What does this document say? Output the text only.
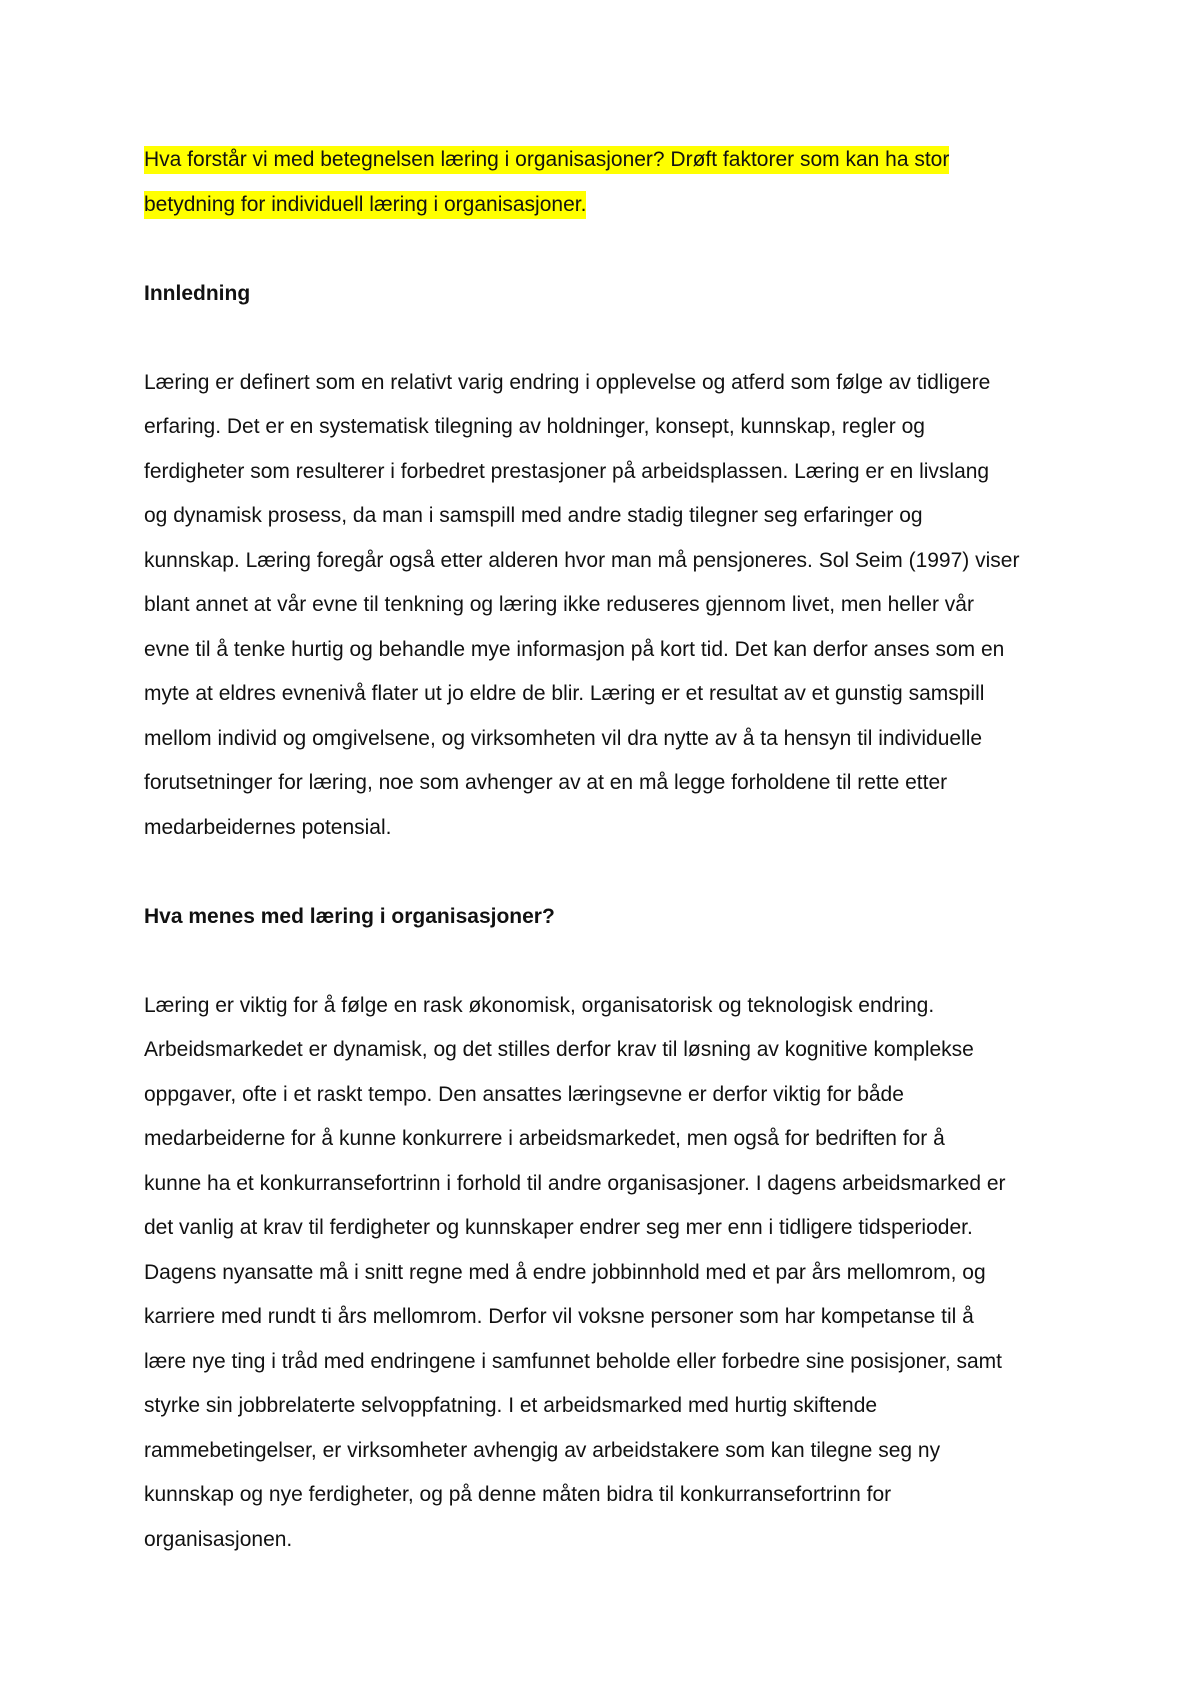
Hva forstår vi med betegnelsen læring i organisasjoner? Drøft faktorer som kan ha stor
betydning for individuell læring i organisasjoner.
Innledning
Læring er definert som en relativt varig endring i opplevelse og atferd som følge av tidligere
erfaring. Det er en systematisk tilegning av holdninger, konsept, kunnskap, regler og
ferdigheter som resulterer i forbedret prestasjoner på arbeidsplassen. Læring er en livslang
og dynamisk prosess, da man i samspill med andre stadig tilegner seg erfaringer og
kunnskap. Læring foregår også etter alderen hvor man må pensjoneres. Sol Seim (1997) viser
blant annet at vår evne til tenkning og læring ikke reduseres gjennom livet, men heller vår
evne til å tenke hurtig og behandle mye informasjon på kort tid. Det kan derfor anses som en
myte at eldres evnenivå flater ut jo eldre de blir. Læring er et resultat av et gunstig samspill
mellom individ og omgivelsene, og virksomheten vil dra nytte av å ta hensyn til individuelle
forutsetninger for læring, noe som avhenger av at en må legge forholdene til rette etter
medarbeidernes potensial.
Hva menes med læring i organisasjoner?
Læring er viktig for å følge en rask økonomisk, organisatorisk og teknologisk endring.
Arbeidsmarkedet er dynamisk, og det stilles derfor krav til løsning av kognitive komplekse
oppgaver, ofte i et raskt tempo. Den ansattes læringsevne er derfor viktig for både
medarbeiderne for å kunne konkurrere i arbeidsmarkedet, men også for bedriften for å
kunne ha et konkurransefortrinn i forhold til andre organisasjoner. I dagens arbeidsmarked er
det vanlig at krav til ferdigheter og kunnskaper endrer seg mer enn i tidligere tidsperioder.
Dagens nyansatte må i snitt regne med å endre jobbinnhold med et par års mellomrom, og
karriere med rundt ti års mellomrom. Derfor vil voksne personer som har kompetanse til å
lære nye ting i tråd med endringene i samfunnet beholde eller forbedre sine posisjoner, samt
styrke sin jobbrelaterte selvoppfatning. I et arbeidsmarked med hurtig skiftende
rammebetingelser, er virksomheter avhengig av arbeidstakere som kan tilegne seg ny
kunnskap og nye ferdigheter, og på denne måten bidra til konkurransefortrinn for
organisasjonen.
